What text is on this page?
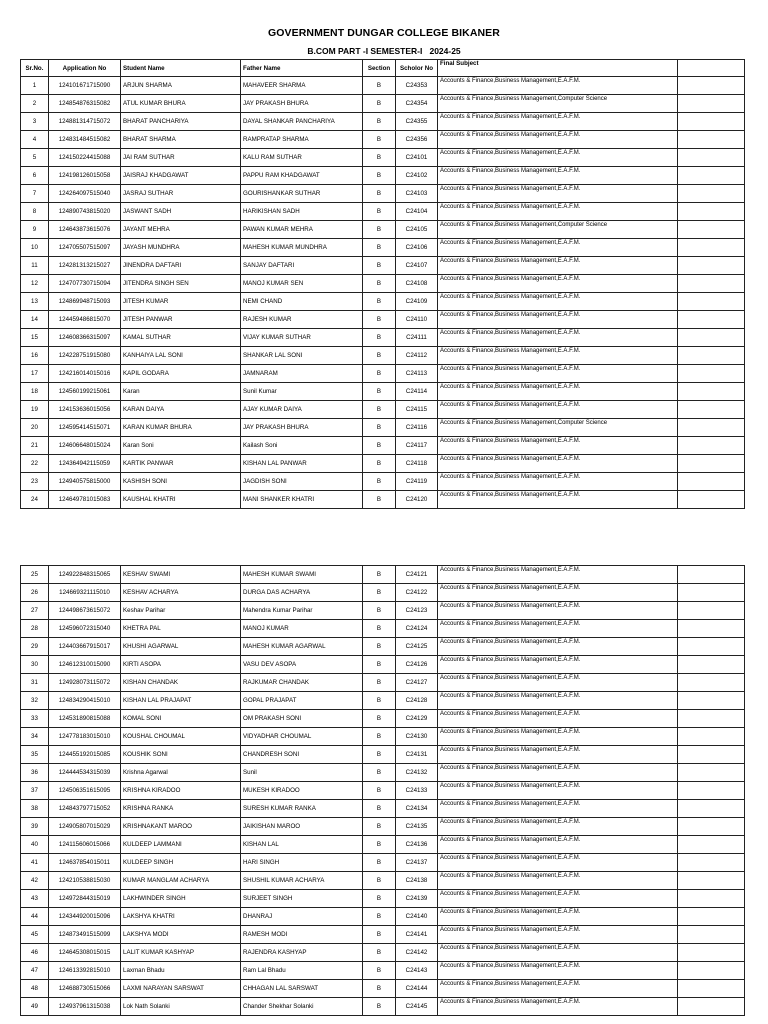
GOVERNMENT DUNGAR COLLEGE BIKANER
B.COM PART -I SEMESTER-I   2024-25
Sr.No.	Application No	Student Name	Father Name	Section	Scholor No	Final Subject	
1	124101671715090	ARJUN SHARMA	MAHAVEER SHARMA	B	C24353	Accounts & Finance,Business Management,E.A.F.M.	
2	124854876315082	ATUL KUMAR BHURA	JAY PRAKASH BHURA	B	C24354	Accounts & Finance,Business Management,Computer Science	
3	124881314715072	BHARAT PANCHARIYA	DAYAL SHANKAR PANCHARIYA	B	C24355	Accounts & Finance,Business Management,E.A.F.M.	
4	124831484515082	BHARAT SHARMA	RAMPRATAP SHARMA	B	C24356	Accounts & Finance,Business Management,E.A.F.M.	
5	124150224415088	JAI RAM SUTHAR	KALU RAM SUTHAR	B	C24101	Accounts & Finance,Business Management,E.A.F.M.	
6	124198126015058	JAISRAJ KHADGAWAT	PAPPU RAM KHADGAWAT	B	C24102	Accounts & Finance,Business Management,E.A.F.M.	
7	124264097515040	JASRAJ SUTHAR	GOURISHANKAR SUTHAR	B	C24103	Accounts & Finance,Business Management,E.A.F.M.	
8	124890743815020	JASWANT SADH	HARIKISHAN SADH	B	C24104	Accounts & Finance,Business Management,E.A.F.M.	
9	124643873615076	JAYANT MEHRA	PAWAN KUMAR MEHRA	B	C24105	Accounts & Finance,Business Management,Computer Science	
10	124705507515097	JAYASH MUNDHRA	MAHESH KUMAR MUNDHRA	B	C24106	Accounts & Finance,Business Management,E.A.F.M.	
11	124281313215027	JINENDRA DAFTARI	SANJAY DAFTARI	B	C24107	Accounts & Finance,Business Management,E.A.F.M.	
12	124707730715094	JITENDRA SINGH SEN	MANOJ KUMAR SEN	B	C24108	Accounts & Finance,Business Management,E.A.F.M.	
13	124869948715093	JITESH KUMAR	NEMI CHAND	B	C24109	Accounts & Finance,Business Management,E.A.F.M.	
14	124459486815070	JITESH PANWAR	RAJESH KUMAR	B	C24110	Accounts & Finance,Business Management,E.A.F.M.	
15	124608366315097	KAMAL SUTHAR	VIJAY KUMAR SUTHAR	B	C24111	Accounts & Finance,Business Management,E.A.F.M.	
16	124228751915080	KANHAIYA LAL SONI	SHANKAR LAL SONI	B	C24112	Accounts & Finance,Business Management,E.A.F.M.	
17	124216014015016	KAPIL GODARA	JAMNARAM	B	C24113	Accounts & Finance,Business Management,E.A.F.M.	
18	124560199215061	Karan	Sunil Kumar	B	C24114	Accounts & Finance,Business Management,E.A.F.M.	
19	124153636015056	KARAN DAIYA	AJAY KUMAR DAIYA	B	C24115	Accounts & Finance,Business Management,E.A.F.M.	
20	124595414515071	KARAN KUMAR BHURA	JAY PRAKASH BHURA	B	C24116	Accounts & Finance,Business Management,Computer Science	
21	124606648015024	Karan Soni	Kailash Soni	B	C24117	Accounts & Finance,Business Management,E.A.F.M.	
22	124364942115059	KARTIK PANWAR	KISHAN LAL PANWAR	B	C24118	Accounts & Finance,Business Management,E.A.F.M.	
23	124940575815000	KASHISH SONI	JAGDISH SONI	B	C24119	Accounts & Finance,Business Management,E.A.F.M.	
24	124649781015083	KAUSHAL KHATRI	MANI SHANKER KHATRI	B	C24120	Accounts & Finance,Business Management,E.A.F.M.	
25	124922848315065	KESHAV SWAMI	MAHESH KUMAR SWAMI	B	C24121	Accounts & Finance,Business Management,E.A.F.M.	
26	124669321115010	KESHAV ACHARYA	DURGA DAS ACHARYA	B	C24122	Accounts & Finance,Business Management,E.A.F.M.	
27	124498673615072	Keshav Parihar	Mahendra Kumar Parihar	B	C24123	Accounts & Finance,Business Management,E.A.F.M.	
28	124596072315040	KHETRA PAL	MANOJ KUMAR	B	C24124	Accounts & Finance,Business Management,E.A.F.M.	
29	124403667915017	KHUSHI AGARWAL	MAHESH KUMAR AGARWAL	B	C24125	Accounts & Finance,Business Management,E.A.F.M.	
30	124612310015090	KIRTI ASOPA	VASU DEV ASOPA	B	C24126	Accounts & Finance,Business Management,E.A.F.M.	
31	124928073115072	KISHAN CHANDAK	RAJKUMAR CHANDAK	B	C24127	Accounts & Finance,Business Management,E.A.F.M.	
32	124834290415010	KISHAN LAL PRAJAPAT	GOPAL PRAJAPAT	B	C24128	Accounts & Finance,Business Management,E.A.F.M.	
33	124531890815088	KOMAL SONI	OM PRAKASH SONI	B	C24129	Accounts & Finance,Business Management,E.A.F.M.	
34	124778183015010	KOUSHAL CHOUMAL	VIDYADHAR CHOUMAL	B	C24130	Accounts & Finance,Business Management,E.A.F.M.	
35	124455192015085	KOUSHIK SONI	CHANDRESH SONI	B	C24131	Accounts & Finance,Business Management,E.A.F.M.	
36	124444534315039	Krishna Agarwal	Sunil	B	C24132	Accounts & Finance,Business Management,E.A.F.M.	
37	124506351615095	KRISHNA KIRADOO	MUKESH KIRADOO	B	C24133	Accounts & Finance,Business Management,E.A.F.M.	
38	124843797715052	KRISHNA RANKA	SURESH KUMAR RANKA	B	C24134	Accounts & Finance,Business Management,E.A.F.M.	
39	124905807015029	KRISHNAKANT MAROO	JAIKISHAN MAROO	B	C24135	Accounts & Finance,Business Management,E.A.F.M.	
40	124115606015066	KULDEEP LAMMANI	KISHAN LAL	B	C24136	Accounts & Finance,Business Management,E.A.F.M.	
41	124637854015011	KULDEEP SINGH	HARI SINGH	B	C24137	Accounts & Finance,Business Management,E.A.F.M.	
42	124210538815030	KUMAR MANGLAM ACHARYA	SHUSHIL KUMAR ACHARYA	B	C24138	Accounts & Finance,Business Management,E.A.F.M.	
43	124972844315019	LAKHWINDER SINGH	SURJEET SINGH	B	C24139	Accounts & Finance,Business Management,E.A.F.M.	
44	124344920015096	LAKSHYA KHATRI	DHANRAJ	B	C24140	Accounts & Finance,Business Management,E.A.F.M.	
45	124873491515099	LAKSHYA MODI	RAMESH MODI	B	C24141	Accounts & Finance,Business Management,E.A.F.M.	
46	124645308015015	LALIT KUMAR KASHYAP	RAJENDRA KASHYAP	B	C24142	Accounts & Finance,Business Management,E.A.F.M.	
47	124613392815010	Laxman Bhadu	Ram Lal Bhadu	B	C24143	Accounts & Finance,Business Management,E.A.F.M.	
48	124688730515066	LAXMI NARAYAN SARSWAT	CHHAGAN LAL SARSWAT	B	C24144	Accounts & Finance,Business Management,E.A.F.M.	
49	124937961315038	Lok Nath Solanki	Chander Shekhar Solanki	B	C24145	Accounts & Finance,Business Management,E.A.F.M.	
